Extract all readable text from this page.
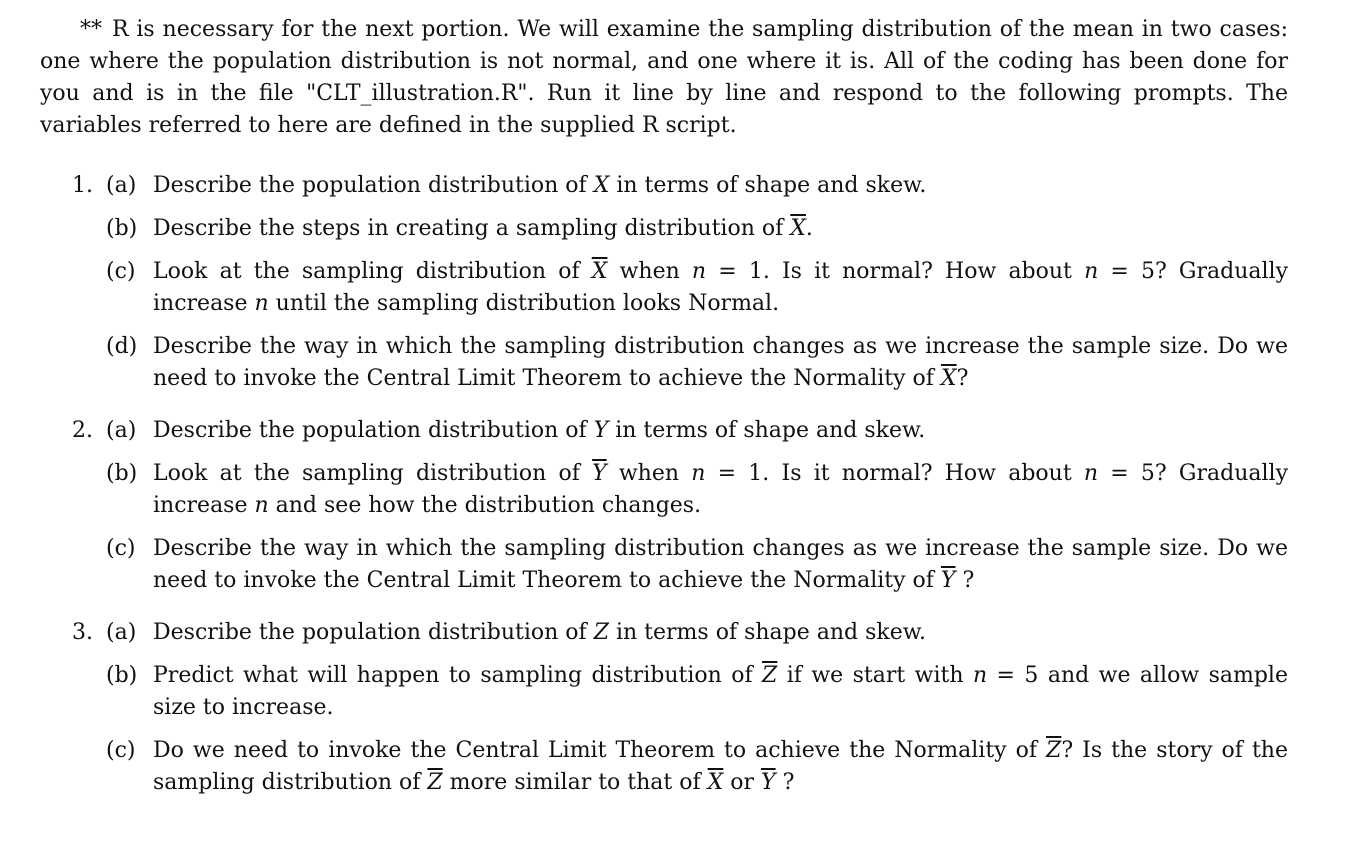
** R is necessary for the next portion. We will examine the sampling distribution of the mean in two cases: one where the population distribution is not normal, and one where it is. All of the coding has been done for you and is in the file "CLT_illustration.R". Run it line by line and respond to the following prompts. The variables referred to here are defined in the supplied R script.

1. (a) Describe the population distribution of X in terms of shape and skew.
(b) Describe the steps in creating a sampling distribution of $\overline{X}$.
(c) Look at the sampling distribution of $\overline{X}$ when n = 1. Is it normal? How about n = 5? Gradually increase n until the sampling distribution looks Normal.
(d) Describe the way in which the sampling distribution changes as we increase the sample size. Do we need to invoke the Central Limit Theorem to achieve the Normality of $\overline{X}$?
2. (a) Describe the population distribution of Y in terms of shape and skew.
(b) Look at the sampling distribution of $\overline{Y}$ when n = 1. Is it normal? How about n = 5? Gradually increase n and see how the distribution changes.
(c) Describe the way in which the sampling distribution changes as we increase the sample size. Do we need to invoke the Central Limit Theorem to achieve the Normality of $\overline{Y}$ ?
3. (a) Describe the population distribution of Z in terms of shape and skew.
(b) Predict what will happen to sampling distribution of $\overline{Z}$ if we start with n = 5 and we allow sample size to increase.
(c) Do we need to invoke the Central Limit Theorem to achieve the Normality of $\overline{Z}$? Is the story of the sampling distribution of $\overline{Z}$ more similar to that of $\overline{X}$ or $\overline{Y}$ ?
